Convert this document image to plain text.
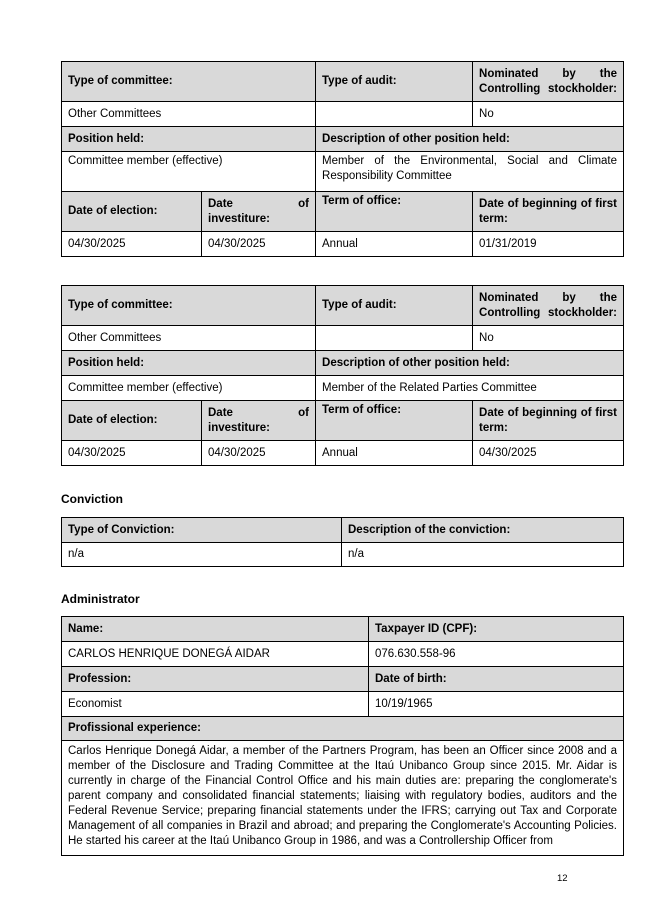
Type of committee:		Type of audit:	Nominated by the Controlling stockholder:
Other Committees			No
Position held:		Description of other position held:	
Committee member (effective)		Member of the Environmental, Social and Climate Responsibility Committee	
Date of election:	Date of investiture:	Term of office:	Date of beginning of first term:
04/30/2025	04/30/2025	Annual	01/31/2019
Type of committee:		Type of audit:	Nominated by the Controlling stockholder:
Other Committees			No
Position held:		Description of other position held:	
Committee member (effective)		Member of the Related Parties Committee	
Date of election:	Date of investiture:	Term of office:	Date of beginning of first term:
04/30/2025	04/30/2025	Annual	04/30/2025
Conviction
Type of Conviction:	Description of the conviction:
n/a	n/a
Administrator
Name:	Taxpayer ID (CPF):
CARLOS HENRIQUE DONEGÁ AIDAR	076.630.558-96
Profession:	Date of birth:
Economist	10/19/1965
Profissional experience:	
Carlos Henrique Donegá Aidar, a member of the Partners Program, has been an Officer since 2008 and a member of the Disclosure and Trading Committee at the Itaú Unibanco Group since 2015. Mr. Aidar is currently in charge of the Financial Control Office and his main duties are: preparing the conglomerate's parent company and consolidated financial statements; liaising with regulatory bodies, auditors and the Federal Revenue Service; preparing financial statements under the IFRS; carrying out Tax and Corporate Management of all companies in Brazil and abroad; and preparing the Conglomerate's Accounting Policies. He started his career at the Itaú Unibanco Group in 1986, and was a Controllership Officer from	
12
